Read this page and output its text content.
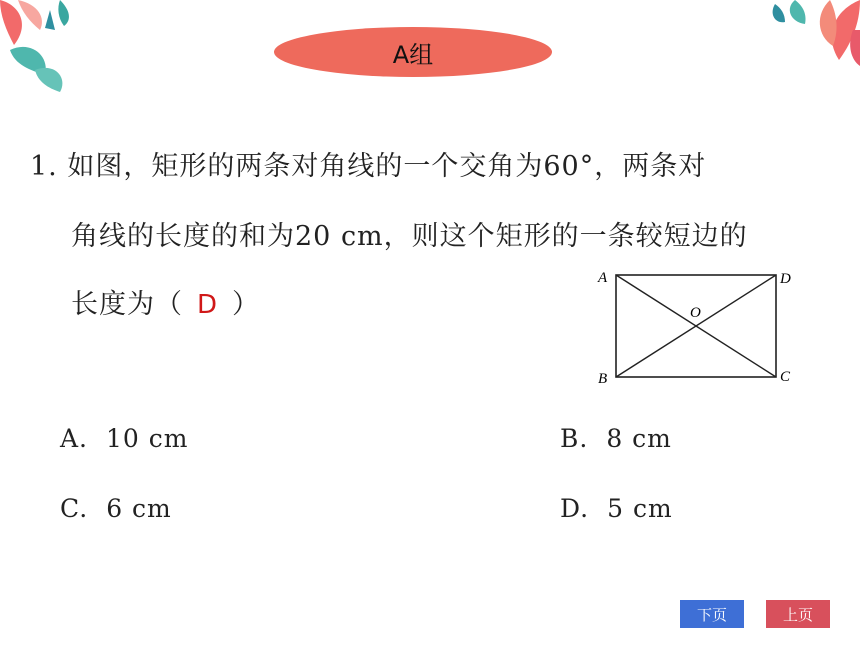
A组
1. 如图，矩形的两条对角线的一个交角为60°，两条对
角线的长度的和为20 cm，则这个矩形的一条较短边的
长度为（ D ）
A	D
B	C
O
A. 10 cm	B. 8 cm
C. 6 cm	D. 5 cm
下页	上页
